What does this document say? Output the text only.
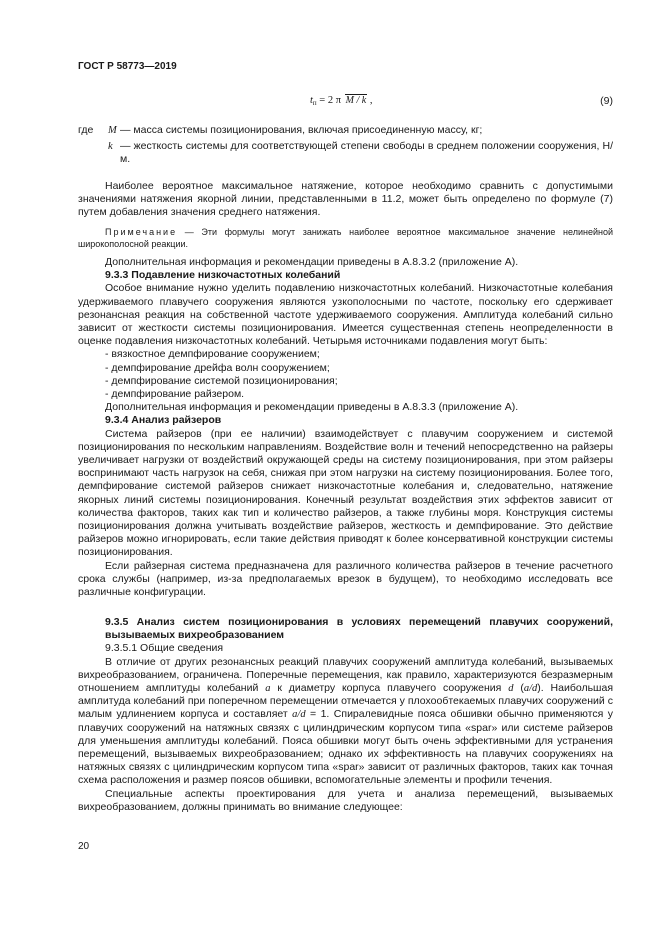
ГОСТ Р 58773—2019
tп = 2 π M / k ,	(9)
где M — масса системы позиционирования, включая присоединенную массу, кг;
k — жесткость системы для соответствующей степени свободы в среднем положении сооружения, Н/м.

Наиболее вероятное максимальное натяжение, которое необходимо сравнить с допустимыми значениями натяжения якорной линии, представленными в 11.2, может быть определено по формуле (7) путем добавления значения среднего натяжения.

Примечание — Эти формулы могут занижать наиболее вероятное максимальное значение нелинейной широкополосной реакции.

Дополнительная информация и рекомендации приведены в А.8.3.2 (приложение А).

9.3.3 Подавление низкочастотных колебаний

Особое внимание нужно уделить подавлению низкочастотных колебаний. Низкочастотные колебания удерживаемого плавучего сооружения являются узкополосными по частоте, поскольку его сдерживает резонансная реакция на собственной частоте удерживаемого сооружения. Амплитуда колебаний сильно зависит от жесткости системы позиционирования. Имеется существенная степень неопределенности в оценке подавления низкочастотных колебаний. Четырьмя источниками подавления могут быть:

- вязкостное демпфирование сооружением;

- демпфирование дрейфа волн сооружением;

- демпфирование системой позиционирования;

- демпфирование райзером.

Дополнительная информация и рекомендации приведены в А.8.3.3 (приложение А).

9.3.4 Анализ райзеров

Система райзеров (при ее наличии) взаимодействует с плавучим сооружением и системой позиционирования по нескольким направлениям. Воздействие волн и течений непосредственно на райзеры увеличивает нагрузки от воздействий окружающей среды на систему позиционирования, при этом райзеры воспринимают часть нагрузок на себя, снижая при этом нагрузки на систему позиционирования. Более того, демпфирование системой райзеров снижает низкочастотные колебания и, следовательно, натяжение якорных линий системы позиционирования. Конечный результат воздействия этих эффектов зависит от количества факторов, таких как тип и количество райзеров, а также глубины моря. Конструкция системы позиционирования должна учитывать воздействие райзеров, жесткость и демпфирование. Это действие райзеров можно игнорировать, если такие действия приводят к более консервативной конструкции системы позиционирования.

Если райзерная система предназначена для различного количества райзеров в течение расчетного срока службы (например, из-за предполагаемых врезок в будущем), то необходимо исследовать все различные конфигурации.

9.3.5 Анализ систем позиционирования в условиях перемещений плавучих сооружений, вызываемых вихреобразованием

9.3.5.1 Общие сведения

В отличие от других резонансных реакций плавучих сооружений амплитуда колебаний, вызываемых вихреобразованием, ограничена. Поперечные перемещения, как правило, характеризуются безразмерным отношением амплитуды колебаний a к диаметру корпуса плавучего сооружения d (a/d). Наибольшая амплитуда колебаний при поперечном перемещении отмечается у плохообтекаемых плавучих сооружений с малым удлинением корпуса и составляет a/d = 1. Спиралевидные пояса обшивки обычно применяются у плавучих сооружений на натяжных связях с цилиндрическим корпусом типа «spar» или системе райзеров для уменьшения амплитуды колебаний. Пояса обшивки могут быть очень эффективными для устранения перемещений, вызываемых вихреобразованием; однако их эффективность на плавучих сооружениях на натяжных связях с цилиндрическим корпусом типа «spar» зависит от различных факторов, таких как точная схема расположения и размер поясов обшивки, вспомогательные элементы и профили течения.

Специальные аспекты проектирования для учета и анализа перемещений, вызываемых вихреобразованием, должны принимать во внимание следующее:

20
